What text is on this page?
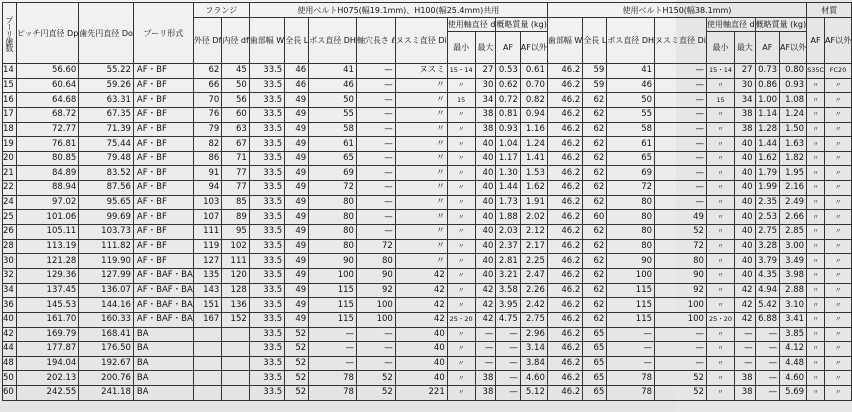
プーリ歯数	ピッチ円直径 Dp	歯先円直径 Do	プーリ形式	フランジ		使用ベルトH075(幅19.1mm)、H100(幅25.4mm)共用									使用ベルトH150(幅38.1mm)								材質	
				外径 Df	内径 df	歯部幅 W	全長 L	ボス直径 DH	軸穴長さ ℓ	ヌスミ直径 Di	使用軸直径 d		概略質量 (kg)		歯部幅 W	全長 L	ボス直径 DH	ヌスミ直径 Di	使用軸直径 d		概略質量 (kg)		AF	AF以外
											最小	最大	AF	AF以外					最小	最大	AF	AF以外		
14	56.60	55.22	AF・BF	62	45	33.5	46	41	—	ヌスミ	15・14	27	0.53	0.61	46.2	59	41	—	15・14	27	0.73	0.80	S35C	FC20
15	60.64	59.26	AF・BF	66	50	33.5	46	46	—	〃	〃	30	0.62	0.70	46.2	59	46	—	〃	30	0.86	0.93	〃	〃
16	64.68	63.31	AF・BF	70	56	33.5	49	50	—	〃	15	34	0.72	0.82	46.2	62	50	—	15	34	1.00	1.08	〃	〃
17	68.72	67.35	AF・BF	76	60	33.5	49	55	—	〃	〃	38	0.81	0.94	46.2	62	55	—	〃	38	1.14	1.24	〃	〃
18	72.77	71.39	AF・BF	79	63	33.5	49	58	—	〃	〃	38	0.93	1.16	46.2	62	58	—	〃	38	1.28	1.50	〃	〃
19	76.81	75.44	AF・BF	82	67	33.5	49	61	—	〃	〃	40	1.04	1.24	46.2	62	61	—	〃	40	1.44	1.63	〃	〃
20	80.85	79.48	AF・BF	86	71	33.5	49	65	—	〃	〃	40	1.17	1.41	46.2	62	65	—	〃	40	1.62	1.82	〃	〃
21	84.89	83.52	AF・BF	91	77	33.5	49	69	—	〃	〃	40	1.30	1.53	46.2	62	69	—	〃	40	1.79	1.95	〃	〃
22	88.94	87.56	AF・BF	94	77	33.5	49	72	—	〃	〃	40	1.44	1.62	46.2	62	72	—	〃	40	1.99	2.16	〃	〃
24	97.02	95.65	AF・BF	103	85	33.5	49	80	—	〃	〃	40	1.73	1.91	46.2	62	80	—	〃	40	2.35	2.49	〃	〃
25	101.06	99.69	AF・BF	107	89	33.5	49	80	—	〃	〃	40	1.88	2.02	46.2	60	80	49	〃	40	2.53	2.66	〃	〃
26	105.11	103.73	AF・BF	111	95	33.5	49	80	—	〃	〃	40	2.03	2.12	46.2	62	80	52	〃	40	2.75	2.85	〃	〃
28	113.19	111.82	AF・BF	119	102	33.5	49	80	72	〃	〃	40	2.37	2.17	46.2	62	80	72	〃	40	3.28	3.00	〃	〃
30	121.28	119.90	AF・BF	127	111	33.5	49	90	80	〃	〃	40	2.81	2.25	46.2	62	90	80	〃	40	3.79	3.49	〃	〃
32	129.36	127.99	AF・BAF・BA	135	120	33.5	49	100	90	42	〃	40	3.21	2.47	46.2	62	100	90	〃	40	4.35	3.98	〃	〃
34	137.45	136.07	AF・BAF・BA	143	128	33.5	49	115	92	42	〃	42	3.58	2.26	46.2	62	115	92	〃	42	4.94	2.88	〃	〃
36	145.53	144.16	AF・BAF・BA	151	136	33.5	49	115	100	42	〃	42	3.95	2.42	46.2	62	115	100	〃	42	5.42	3.10	〃	〃
40	161.70	160.33	AF・BAF・BA	167	152	33.5	49	115	100	42	25・20	42	4.75	2.75	46.2	62	115	100	25・20	42	6.88	3.41	〃	〃
42	169.79	168.41	BA			33.5	52	—	—	40	〃	—	—	2.96	46.2	65	—	—	〃	—	—	3.85	〃	〃
44	177.87	176.50	BA			33.5	52	—	—	40	〃	—	—	3.14	46.2	65	—	—	〃	—	—	4.12	〃	〃
48	194.04	192.67	BA			33.5	52	—	—	40	〃	—	—	3.84	46.2	65	—	—	〃	—	—	4.48	〃	〃
50	202.13	200.76	BA			33.5	52	78	52	40	〃	38	—	4.60	46.2	65	78	52	〃	38	—	4.60	〃	〃
60	242.55	241.18	BA			33.5	52	78	52	221	〃	38	—	5.12	46.2	65	78	52	〃	38	—	5.69	〃	〃
